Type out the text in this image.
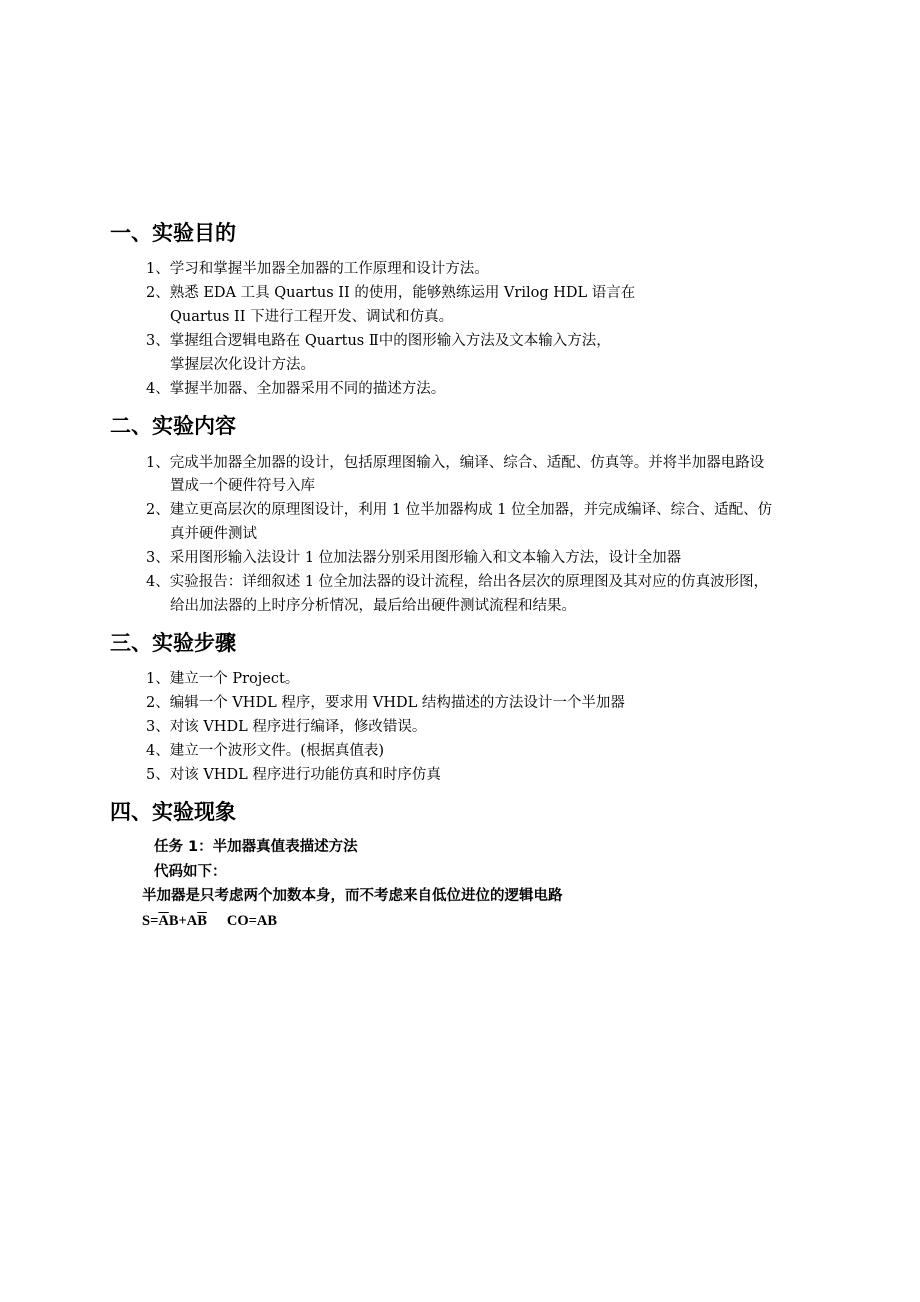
一、实验目的
1、学习和掌握半加器全加器的工作原理和设计方法。
2、熟悉 EDA 工具 Quartus II 的使用，能够熟练运用 Vrilog HDL 语言在
Quartus II 下进行工程开发、调试和仿真。
3、掌握组合逻辑电路在 Quartus Ⅱ中的图形输入方法及文本输入方法，
掌握层次化设计方法。
4、掌握半加器、全加器采用不同的描述方法。
二、实验内容
1、完成半加器全加器的设计，包括原理图输入，编译、综合、适配、仿真等。并将半加器电路设
置成一个硬件符号入库
2、建立更高层次的原理图设计，利用 1 位半加器构成 1 位全加器，并完成编译、综合、适配、仿
真并硬件测试
3、采用图形输入法设计 1 位加法器分别采用图形输入和文本输入方法，设计全加器
4、实验报告：详细叙述 1 位全加法器的设计流程，给出各层次的原理图及其对应的仿真波形图，
给出加法器的上时序分析情况，最后给出硬件测试流程和结果。
三、实验步骤
1、建立一个 Project。
2、编辑一个 VHDL 程序，要求用 VHDL 结构描述的方法设计一个半加器
3、对该 VHDL 程序进行编译，修改错误。
4、建立一个波形文件。(根据真值表)
5、对该 VHDL 程序进行功能仿真和时序仿真
四、实验现象
任务 1：半加器真值表描述方法
代码如下：
半加器是只考虑两个加数本身，而不考虑来自低位进位的逻辑电路
$S=\overline{A}B+A\overline{B}$ CO=AB
